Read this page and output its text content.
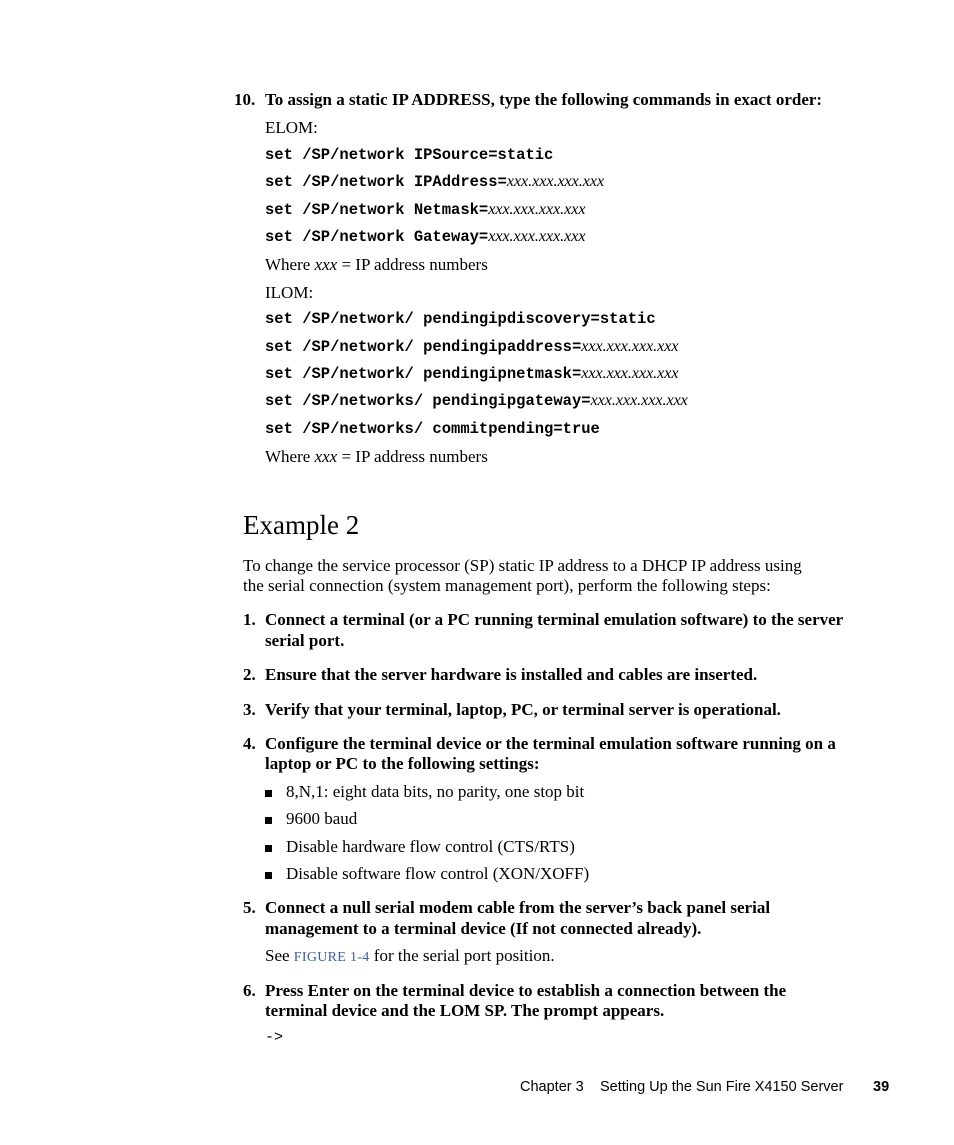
10. To assign a static IP ADDRESS, type the following commands in exact order:
ELOM:
set /SP/network IPSource=static
set /SP/network IPAddress=xxx.xxx.xxx.xxx
set /SP/network Netmask=xxx.xxx.xxx.xxx
set /SP/network Gateway=xxx.xxx.xxx.xxx
Where xxx = IP address numbers
ILOM:
set /SP/network/ pendingipdiscovery=static
set /SP/network/ pendingipaddress=xxx.xxx.xxx.xxx
set /SP/network/ pendingipnetmask=xxx.xxx.xxx.xxx
set /SP/networks/ pendingipgateway=xxx.xxx.xxx.xxx
set /SP/networks/ commitpending=true
Where xxx = IP address numbers
Example 2
To change the service processor (SP) static IP address to a DHCP IP address using
the serial connection (system management port), perform the following steps:
1. Connect a terminal (or a PC running terminal emulation software) to the server
serial port.
2. Ensure that the server hardware is installed and cables are inserted.
3. Verify that your terminal, laptop, PC, or terminal server is operational.
4. Configure the terminal device or the terminal emulation software running on a
laptop or PC to the following settings:
8,N,1: eight data bits, no parity, one stop bit
9600 baud
Disable hardware flow control (CTS/RTS)
Disable software flow control (XON/XOFF)
5. Connect a null serial modem cable from the server’s back panel serial
management to a terminal device (If not connected already).
See FIGURE 1-4 for the serial port position.
6. Press Enter on the terminal device to establish a connection between the
terminal device and the LOM SP. The prompt appears.
->
Chapter 3 Setting Up the Sun Fire X4150 Server 39
